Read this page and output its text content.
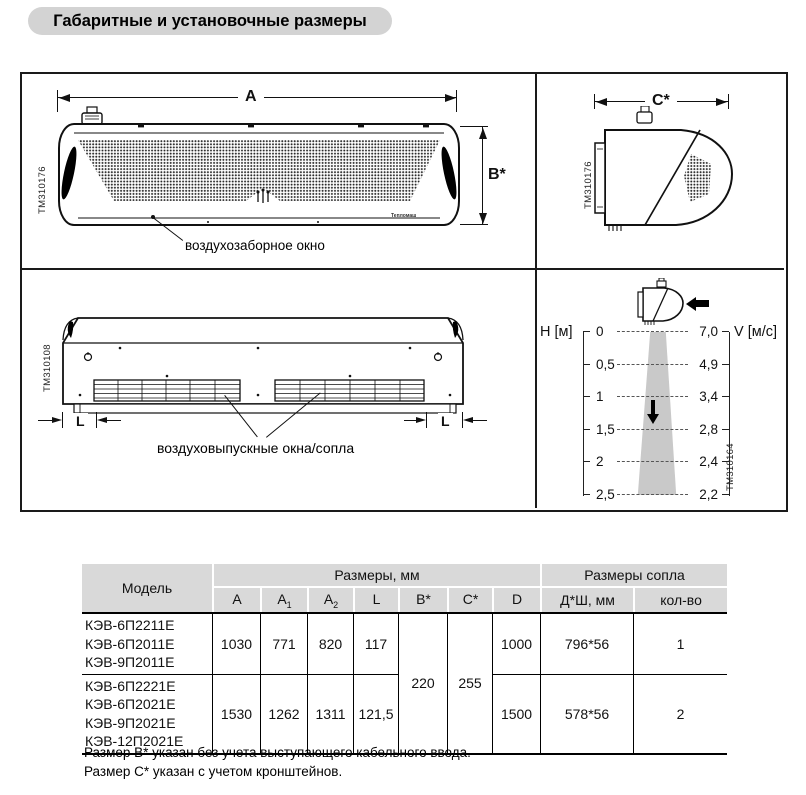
Габаритные и установочные размеры
A
B*
ТМ310176
воздухозаборное окно
Тепломаш
C*
ТМ310176
L	L
воздуховыпускные окна/сопла
ТМ310108
H [м]	V [м/с]
0	7,0
0,5	4,9
1	3,4
1,5	2,8
2	2,4
2,5	2,2
ТМ310164
Модель	Размеры, мм							Размеры сопла	
	А	$А_1$	$А_2$	L	B*	C*	D	Д*Ш, мм	кол-во

КЭВ-6П2211Е
КЭВ-6П2011Е
КЭВ-9П2011Е	1030	771	820	117	220	255	1000	796*56	1

КЭВ-6П2221Е
КЭВ-6П2021Е
КЭВ-9П2021Е
КЭВ-12П2021Е	1530	1262	1311	121,5			1500	578*56	2
Размер B* указан без учета выступающего кабельного ввода.
Размер C* указан с учетом кронштейнов.
